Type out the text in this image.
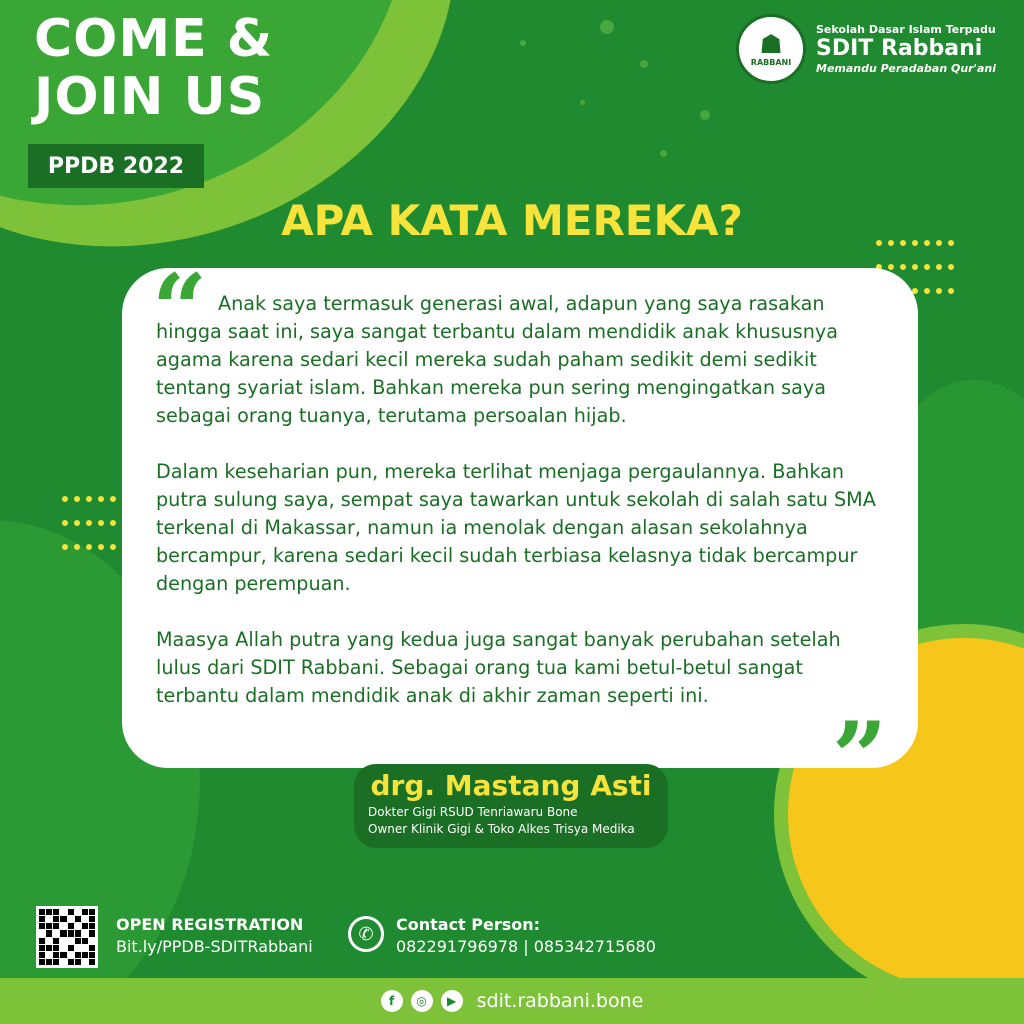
COME &
JOIN US
PPDB 2022
☗
RABBANI
Sekolah Dasar Islam Terpadu
SDIT Rabbani
Memandu Peradaban Qur'ani
APA KATA MEREKA?
“ Anak saya termasuk generasi awal, adapun yang saya rasakan hingga saat ini, saya sangat terbantu dalam mendidik anak khususnya agama karena sedari kecil mereka sudah paham sedikit demi sedikit tentang syariat islam. Bahkan mereka pun sering mengingatkan saya sebagai orang tuanya, terutama persoalan hijab.

Dalam keseharian pun, mereka terlihat menjaga pergaulannya. Bahkan putra sulung saya, sempat saya tawarkan untuk sekolah di salah satu SMA terkenal di Makassar, namun ia menolak dengan alasan sekolahnya bercampur, karena sedari kecil sudah terbiasa kelasnya tidak bercampur dengan perempuan.

Maasya Allah putra yang kedua juga sangat banyak perubahan setelah lulus dari SDIT Rabbani. Sebagai orang tua kami betul-betul sangat terbantu dalam mendidik anak di akhir zaman seperti ini.

”
drg. Mastang Asti
Dokter Gigi RSUD Tenriawaru Bone
Owner Klinik Gigi & Toko Alkes Trisya Medika
OPEN REGISTRATION
Bit.ly/PPDB-SDITRabbani
✆	Contact Person:
082291796978 | 085342715680
f	◎	▶	sdit.rabbani.bone
